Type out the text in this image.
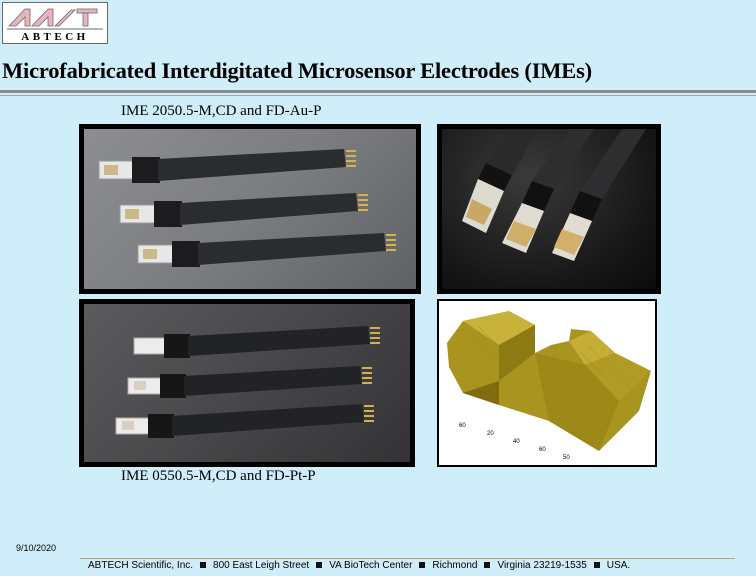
ABTECH
Microfabricated Interdigitated Microsensor Electrodes (IMEs)
IME 2050.5-M,CD and FD-Au-P
60
20
40
60
50
IME 0550.5-M,CD and FD-Pt-P
9/10/2020
ABTECH Scientific, Inc. 800 East Leigh Street VA BioTech Center Richmond Virginia 23219-1535 USA.
